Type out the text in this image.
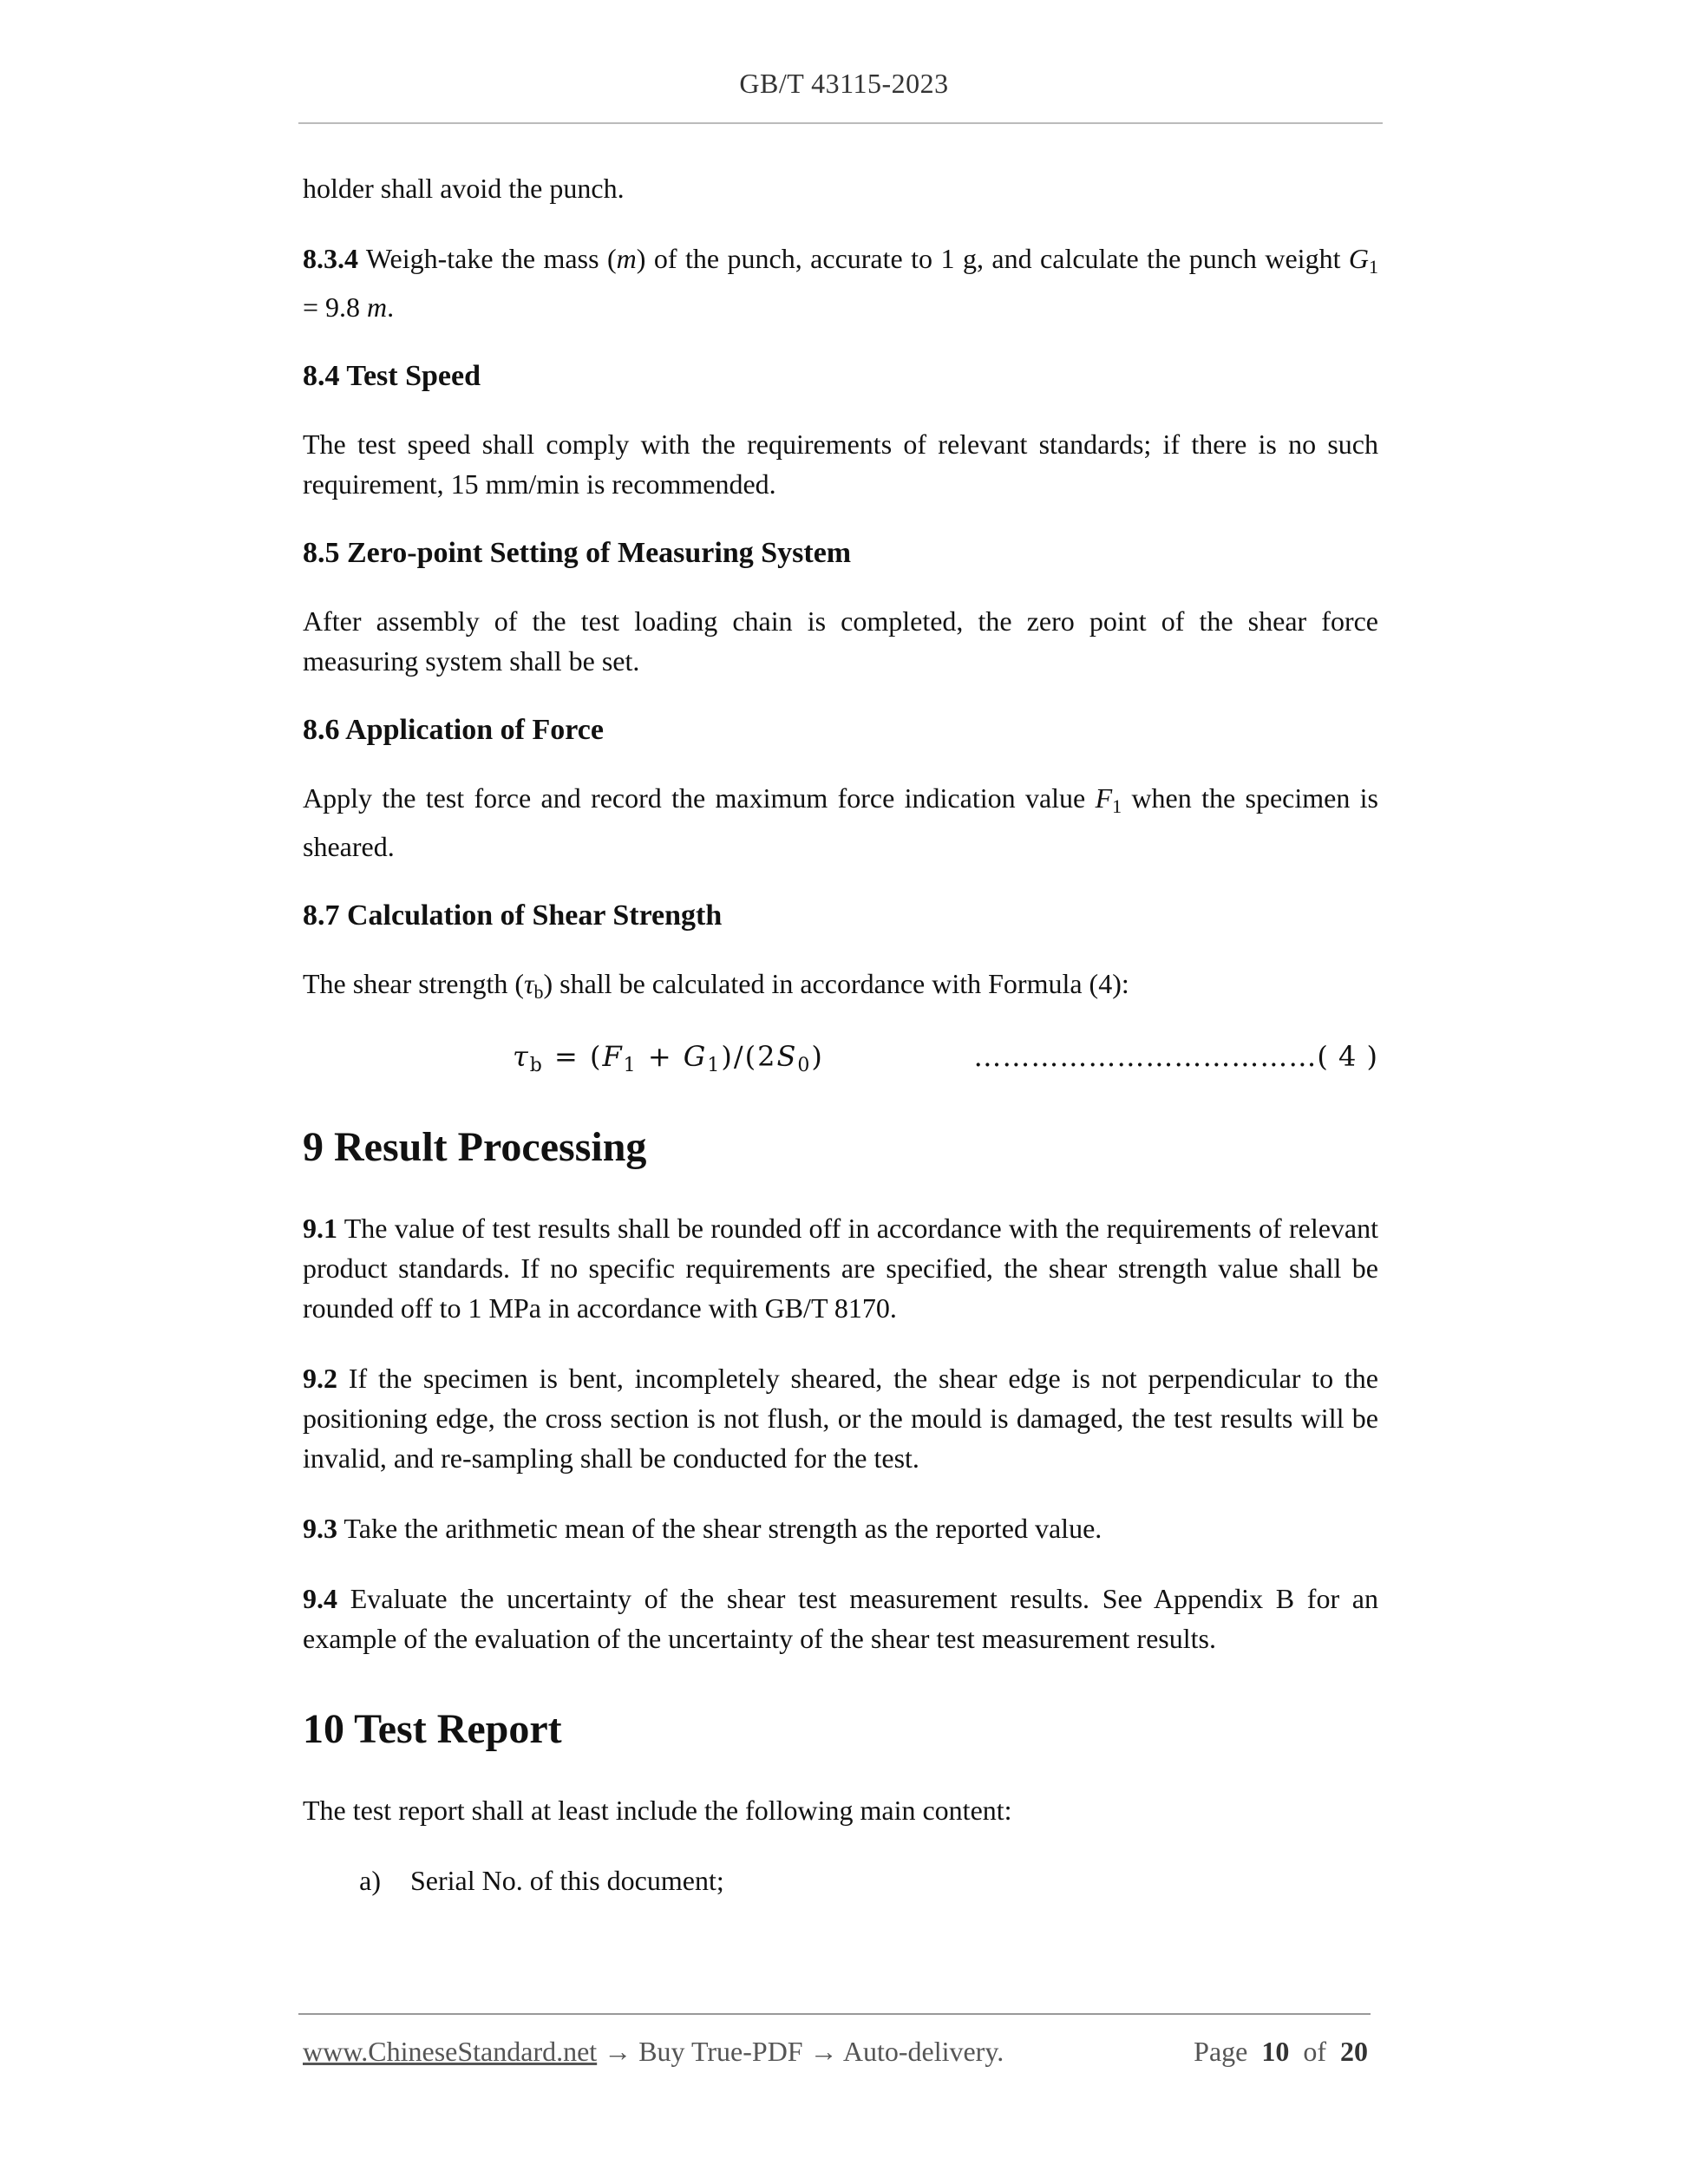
GB/T 43115-2023

holder shall avoid the punch.

8.3.4 Weigh-take the mass (m) of the punch, accurate to 1 g, and calculate the punch weight $G_1 = 9.8$ m.

8.4 Test Speed

The test speed shall comply with the requirements of relevant standards; if there is no such requirement, 15 mm/min is recommended.

8.5 Zero-point Setting of Measuring System

After assembly of the test loading chain is completed, the zero point of the shear force measuring system shall be set.

8.6 Application of Force

Apply the test force and record the maximum force indication value $F_1$ when the specimen is sheared.

8.7 Calculation of Shear Strength

The shear strength $(\tau_b)$ shall be calculated in accordance with Formula (4):

$\tau_b = (F_1 + G_1)/(2S_0)$	………………………………( 4 )
9 Result Processing

9.1 The value of test results shall be rounded off in accordance with the requirements of relevant product standards. If no specific requirements are specified, the shear strength value shall be rounded off to 1 MPa in accordance with GB/T 8170.

9.2 If the specimen is bent, incompletely sheared, the shear edge is not perpendicular to the positioning edge, the cross section is not flush, or the mould is damaged, the test results will be invalid, and re-sampling shall be conducted for the test.

9.3 Take the arithmetic mean of the shear strength as the reported value.

9.4 Evaluate the uncertainty of the shear test measurement results. See Appendix B for an example of the evaluation of the uncertainty of the shear test measurement results.

10 Test Report

The test report shall at least include the following main content:

a)	Serial No. of this document;
www.ChineseStandard.net → Buy True-PDF → Auto-delivery.	Page 10 of 20
